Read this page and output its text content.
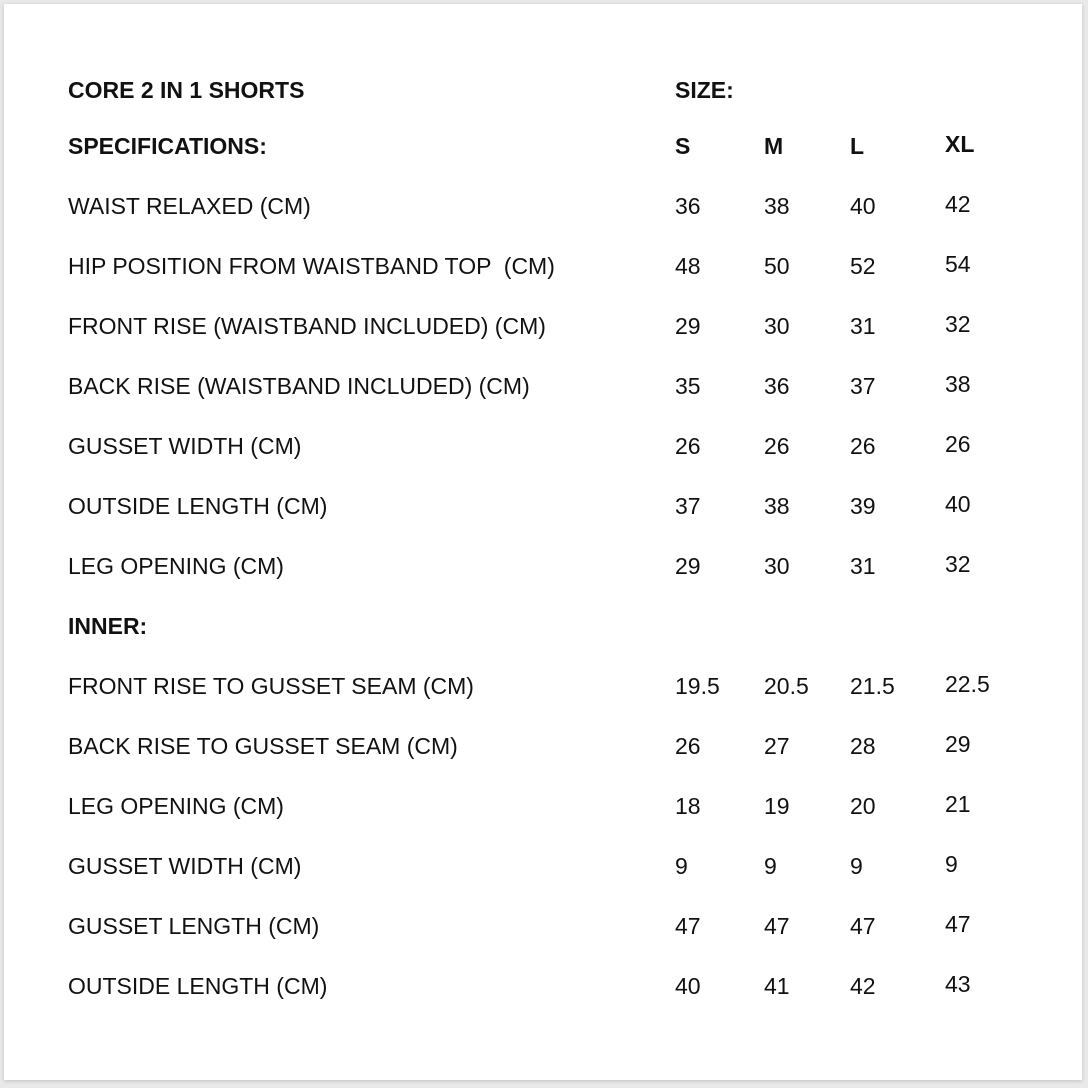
CORE 2 IN 1 SHORTS	SIZE:
SPECIFICATIONS:	S	M	L	XL
WAIST RELAXED (CM)	36	38	40	42
HIP POSITION FROM WAISTBAND TOP  (CM)	48	50	52	54
FRONT RISE (WAISTBAND INCLUDED) (CM)	29	30	31	32
BACK RISE (WAISTBAND INCLUDED) (CM)	35	36	37	38
GUSSET WIDTH (CM)	26	26	26	26
OUTSIDE LENGTH (CM)	37	38	39	40
LEG OPENING (CM)	29	30	31	32
INNER:
FRONT RISE TO GUSSET SEAM (CM)	19.5 20.5 21.5 22.5
BACK RISE TO GUSSET SEAM (CM)	26	27	28	29
LEG OPENING (CM)	18	19	20	21
GUSSET WIDTH (CM)	9	9	9	9
GUSSET LENGTH (CM)	47	47	47	47
OUTSIDE LENGTH (CM)	40	41	42	43
